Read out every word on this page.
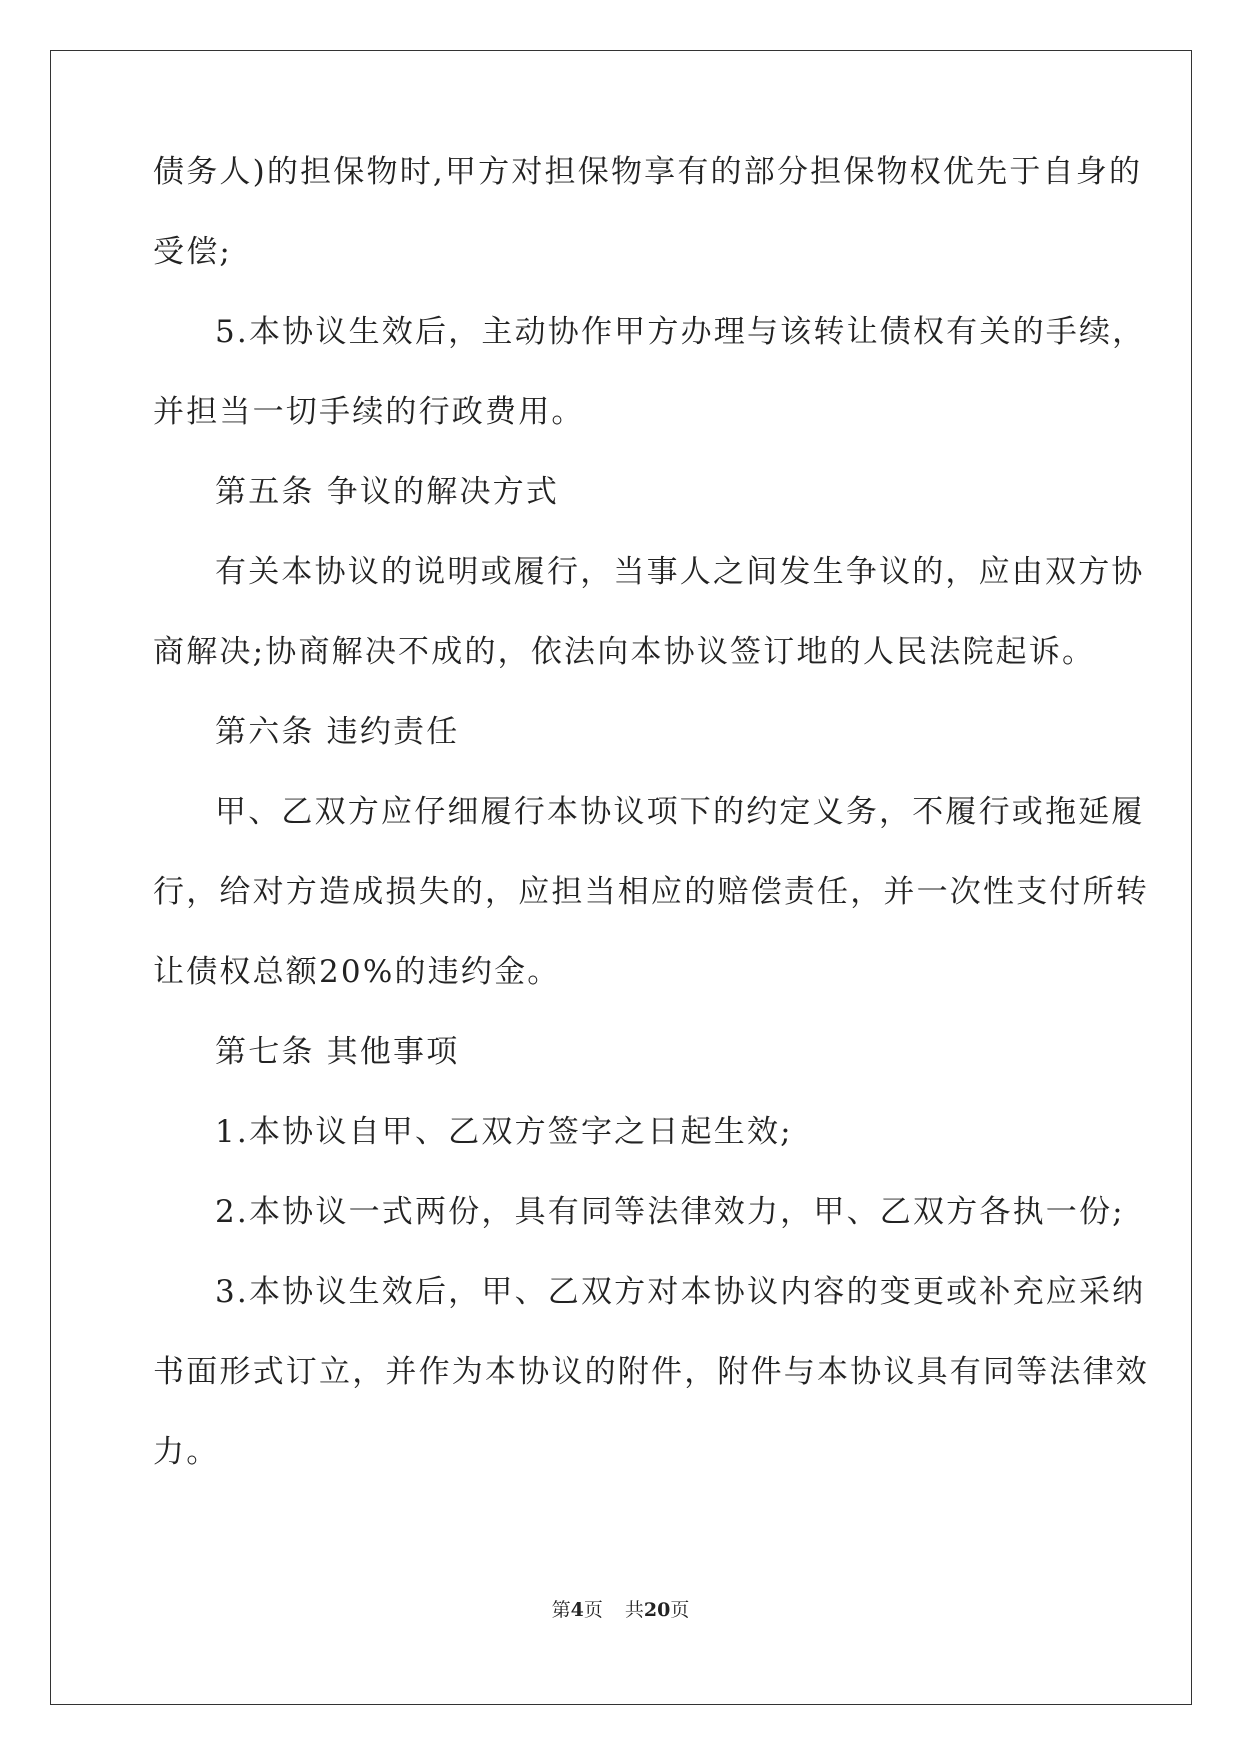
债务人)的担保物时,甲方对担保物享有的部分担保物权优先于自身的
受偿;
5.本协议生效后，主动协作甲方办理与该转让债权有关的手续，
并担当一切手续的行政费用。
第五条 争议的解决方式
有关本协议的说明或履行，当事人之间发生争议的，应由双方协
商解决;协商解决不成的，依法向本协议签订地的人民法院起诉。
第六条 违约责任
甲、乙双方应仔细履行本协议项下的约定义务，不履行或拖延履
行，给对方造成损失的，应担当相应的赔偿责任，并一次性支付所转
让债权总额20%的违约金。
第七条 其他事项
1.本协议自甲、乙双方签字之日起生效;
2.本协议一式两份，具有同等法律效力，甲、乙双方各执一份;
3.本协议生效后，甲、乙双方对本协议内容的变更或补充应采纳
书面形式订立，并作为本协议的附件，附件与本协议具有同等法律效
力。
第4页 共20页
